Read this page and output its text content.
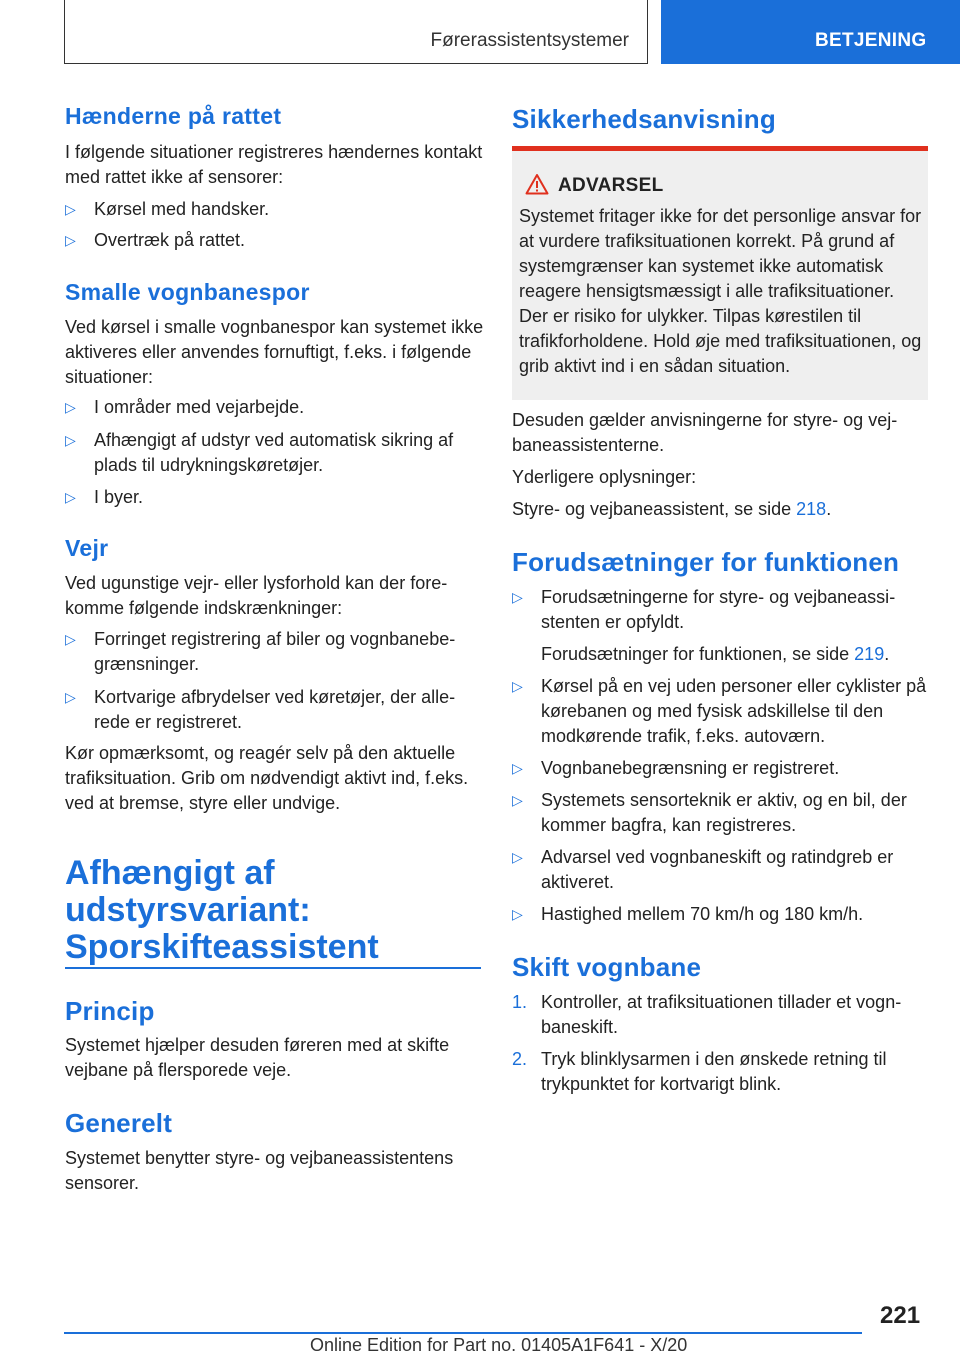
Førerassistentsystemer	BETJENING
Hænderne på rattet
I følgende situationer registreres hændernes kontakt med rattet ikke af sensorer:
▷ Kørsel med handsker.
▷ Overtræk på rattet.
Smalle vognbanespor
Ved kørsel i smalle vognbanespor kan systemet ikke aktiveres eller anvendes fornuftigt, f.eks. i følgende situationer:
▷ I områder med vejarbejde.
▷ Afhængigt af udstyr ved automatisk sikring af plads til udrykningskøretøjer.
▷ I byer.
Vejr
Ved ugunstige vejr- eller lysforhold kan der forekomme følgende indskrænkninger:
▷ Forringet registrering af biler og vognbanebegrænsninger.
▷ Kortvarige afbrydelser ved køretøjer, der allerede er registreret.
Kør opmærksomt, og reagér selv på den aktuelle trafiksituation. Grib om nødvendigt aktivt ind, f.eks. ved at bremse, styre eller undvige.
Afhængigt af
udstyrsvariant:
Sporskifteassistent
Princip
Systemet hjælper desuden føreren med at skifte vejbane på flersporede veje.
Generelt
Systemet benytter styre- og vejbaneassistentens sensorer.
ADVARSEL
Systemet fritager ikke for det personlige ansvar for at vurdere trafiksituationen korrekt. På grund af systemgrænser kan systemet ikke automatisk reagere hensigtsmæssigt i alle trafiksituationer. Der er risiko for ulykker. Tilpas kørestilen til trafikforholdene. Hold øje med trafiksituationen, og grib aktivt ind i en sådan situation.
Sikkerhedsanvisning
Desuden gælder anvisningerne for styre- og vejbaneassistenterne.
Yderligere oplysninger:
Styre- og vejbaneassistent, se side 218.
Forudsætninger for funktionen
▷ Forudsætningerne for styre- og vejbaneassistenten er opfyldt.
Forudsætninger for funktionen, se side 219.
▷ Kørsel på en vej uden personer eller cyklister på kørebanen og med fysisk adskillelse til den modkørende trafik, f.eks. autoværn.
▷ Vognbanebegrænsning er registreret.
▷ Systemets sensorteknik er aktiv, og en bil, der kommer bagfra, kan registreres.
▷ Advarsel ved vognbaneskift og ratindgreb er aktiveret.
▷ Hastighed mellem 70 km/h og 180 km/h.
Skift vognbane
1. Kontroller, at trafiksituationen tillader et vognbaneskift.
2. Tryk blinklysarmen i den ønskede retning til trykpunktet for kortvarigt blink.
221
Online Edition for Part no. 01405A1F641 - X/20
